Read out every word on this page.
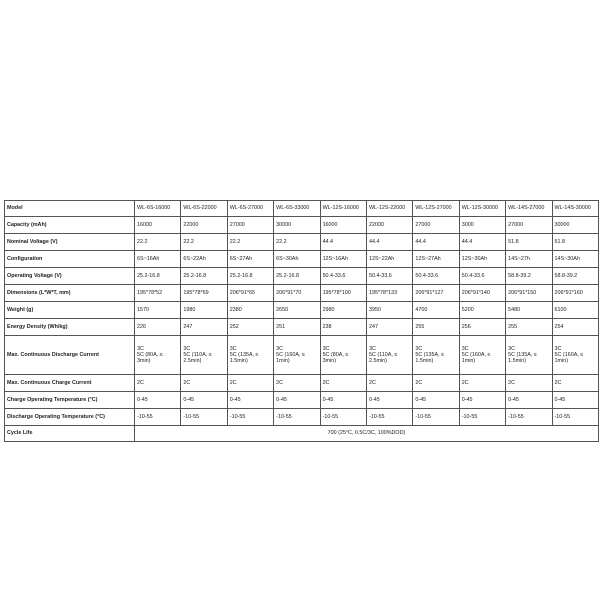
Model	WL-6S-16000	WL-6S-22000	WL-6S-27000	WL-6S-33000	WL-12S-16000	WL-12S-22000	WL-12S-27000	WL-12S-30000	WL-14S-27000	WL-14S-30000
Capacity (mAh)	16000	22000	27000	30000	16000	22000	27000	3000	27000	30000
Nominal Voltage (V)	22.2	22.2	22.2	22.2	44.4	44.4	44.4	44.4	51.8	51.8
Configuration	6S~16Ah	6S~22Ah	6S~27Ah	6S~30Ah	12S~16Ah	12S~22Ah	12S~27Ah	12S~30Ah	14S~27h	14S~30Ah
Operating Voltage (V)	25.2-16.8	25.2-16.8	25.2-16.8	25.2-16.8	50.4-33.6	50.4-33.6	50.4-33.6	50.4-33.6	58.8-39.2	58.8-39.2
Dimensions (L*W*T, mm)	195*78*52	195*78*69	206*91*65	206*91*70	195*78*100	195*78*133	206*91*127	206*91*140	206*91*150	206*91*160
Weight (g)	1570	1980	2380	2650	2980	3950	4700	5200	5480	6100
Energy Density (Wh/kg)	226	247	252	251	238	247	255	256	255	254
Max. Continuous Discharge Current	3C
5C (80A, ≤
3min)	3C
5C (110A, ≤
2.5min)	3C
5C (135A, ≤
1.5min)	3C
5C (160A, ≤
1min)	3C
5C (80A, ≤
3min)	3C
5C (110A, ≤
2.5min)	3C
5C (135A, ≤
1.5min)	3C
5C (160A, ≤
1min)	3C
5C (135A, ≤
1.5min)	3C
5C (160A, ≤
1min)
Max. Continuous Charge Current	2C	2C	2C	2C	2C	2C	2C	2C	2C	2C
Charge Operating Temperature (°C)	0-45	0-45	0-45	0-45	0-45	0-45	0-45	0-45	0-45	0-45
Discharge Operating Temperature (°C)	-10-55	-10-55	-10-55	-10-55	-10-55	-10-55	-10-55	-10-55	-10-55	-10-55
Cycle Life	700 (25°C, 0.5C/3C, 100%DOD)									
